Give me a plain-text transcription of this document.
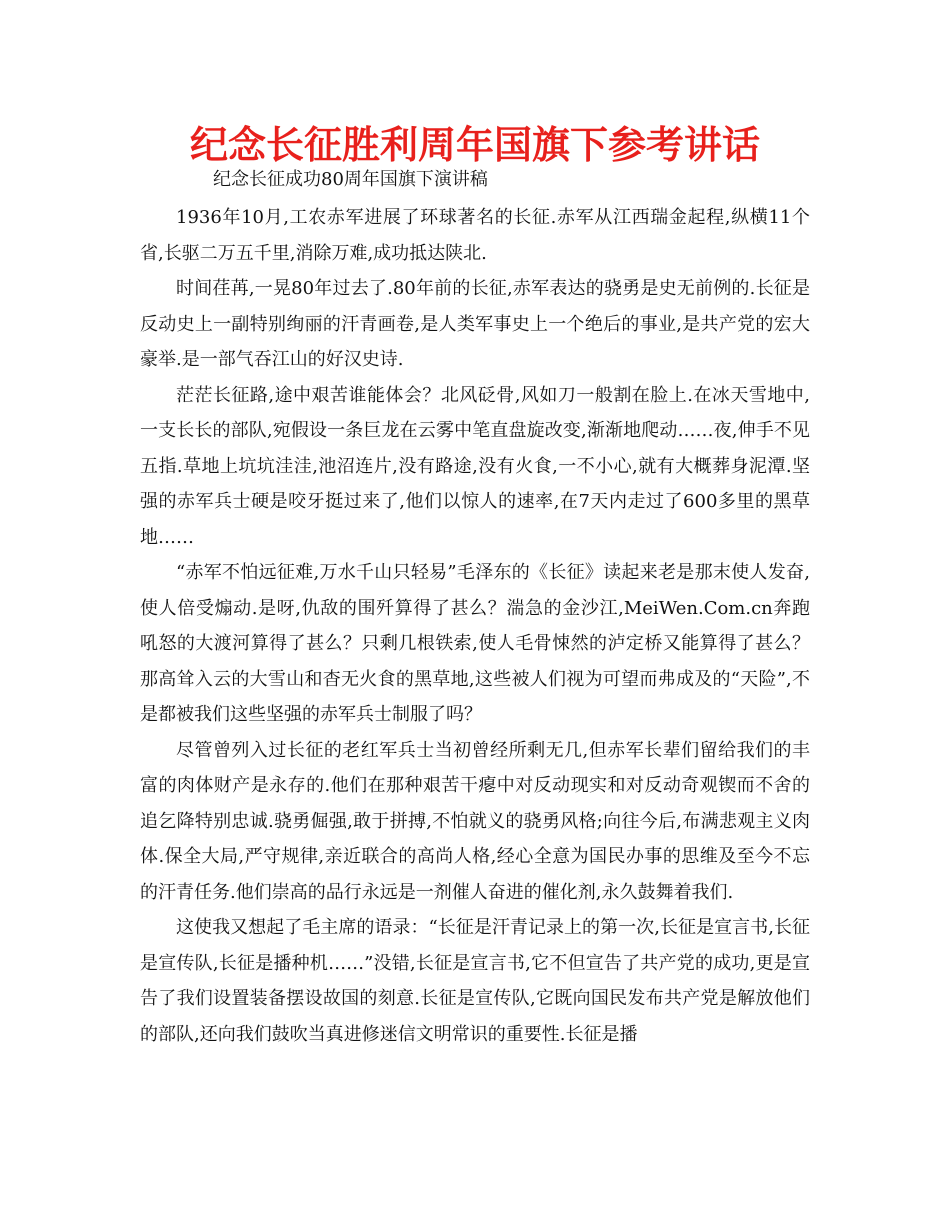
纪念长征胜利周年国旗下参考讲话
纪念长征成功80周年国旗下演讲稿

1936年10月,工农赤军进展了环球著名的长征.赤军从江西瑞金起程,纵横11个省,长驱二万五千里,消除万难,成功抵达陕北.

时间荏苒,一晃80年过去了.80年前的长征,赤军表达的骁勇是史无前例的.长征是反动史上一副特别绚丽的汗青画卷,是人类军事史上一个绝后的事业,是共产党的宏大豪举.是一部气吞江山的好汉史诗.

茫茫长征路,途中艰苦谁能体会？北风砭骨,风如刀一般割在脸上.在冰天雪地中,一支长长的部队,宛假设一条巨龙在云雾中笔直盘旋改变,渐渐地爬动……夜,伸手不见五指.草地上坑坑洼洼,池沼连片,没有路途,没有火食,一不小心,就有大概葬身泥潭.坚强的赤军兵士硬是咬牙挺过来了,他们以惊人的速率,在7天内走过了600多里的黑草地……

“赤军不怕远征难,万水千山只轻易”毛泽东的《长征》读起来老是那末使人发奋,使人倍受煽动.是呀,仇敌的围歼算得了甚么？湍急的金沙江,MeiWen.Com.cn奔跑吼怒的大渡河算得了甚么？只剩几根铁索,使人毛骨悚然的泸定桥又能算得了甚么？那高耸入云的大雪山和杳无火食的黑草地,这些被人们视为可望而弗成及的“天险”,不是都被我们这些坚强的赤军兵士制服了吗？

尽管曾列入过长征的老红军兵士当初曾经所剩无几,但赤军长辈们留给我们的丰富的肉体财产是永存的.他们在那种艰苦干瘪中对反动现实和对反动奇观锲而不舍的追乞降特别忠诚.骁勇倔强,敢于拼搏,不怕就义的骁勇风格;向往今后,布满悲观主义肉体.保全大局,严守规律,亲近联合的高尚人格,经心全意为国民办事的思维及至今不忘的汗青任务.他们崇高的品行永远是一剂催人奋进的催化剂,永久鼓舞着我们.

这使我又想起了毛主席的语录：“长征是汗青记录上的第一次,长征是宣言书,长征是宣传队,长征是播种机……”没错,长征是宣言书,它不但宣告了共产党的成功,更是宣告了我们设置装备摆设故国的刻意.长征是宣传队,它既向国民发布共产党是解放他们的部队,还向我们鼓吹当真进修迷信文明常识的重要性.长征是播
